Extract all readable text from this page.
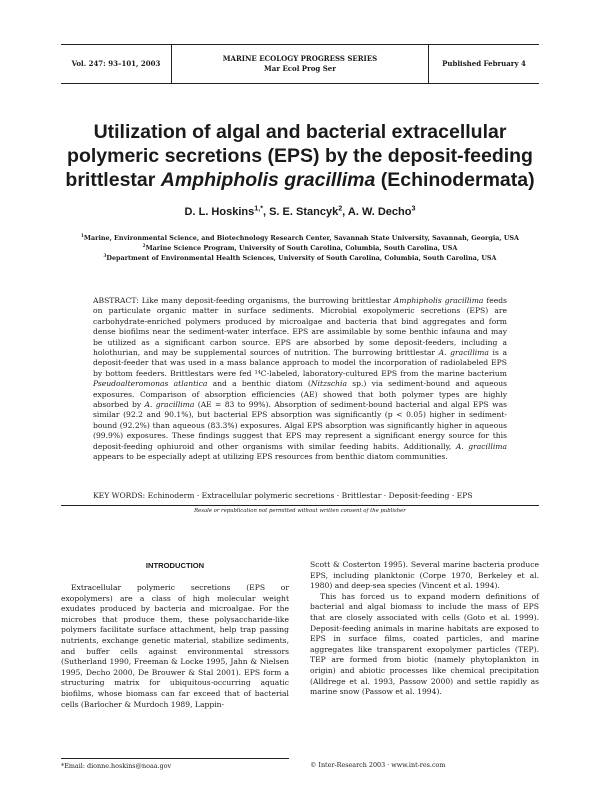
Vol. 247: 93–101, 2003
MARINE ECOLOGY PROGRESS SERIES
Mar Ecol Prog Ser
Published February 4
Utilization of algal and bacterial extracellular
polymeric secretions (EPS) by the deposit-feeding
brittlestar Amphipholis gracillima (Echinodermata)
D. L. Hoskins$^{1,*}$, S. E. Stancyk$^2$, A. W. Decho$^3$
$^1$Marine, Environmental Science, and Biotechnology Research Center, Savannah State University, Savannah, Georgia, USA
$^2$Marine Science Program, University of South Carolina, Columbia, South Carolina, USA
$^3$Department of Environmental Health Sciences, University of South Carolina, Columbia, South Carolina, USA
ABSTRACT: Like many deposit-feeding organisms, the burrowing brittlestar Amphipholis gracillima feeds on particulate organic matter in surface sediments. Microbial exopolymeric secretions (EPS) are carbohydrate-enriched polymers produced by microalgae and bacteria that bind aggregates and form dense biofilms near the sediment-water interface. EPS are assimilable by some benthic infauna and may be utilized as a significant carbon source. EPS are absorbed by some deposit-feeders, including a holothurian, and may be supplemental sources of nutrition. The burrowing brittlestar A. gracillima is a deposit-feeder that was used in a mass balance approach to model the incorporation of radiolabeled EPS by bottom feeders. Brittlestars were fed ¹⁴C-labeled, laboratory-cultured EPS from the marine bacterium Pseudoalteromonas atlantica and a benthic diatom (Nitzschia sp.) via sediment-bound and aqueous exposures. Comparison of absorption efficiencies (AE) showed that both polymer types are highly absorbed by A. gracillima (AE = 83 to 99%). Absorption of sediment-bound bacterial and algal EPS was similar (92.2 and 90.1%), but bacterial EPS absorption was significantly (p < 0.05) higher in sediment-bound (92.2%) than aqueous (83.3%) exposures. Algal EPS absorption was significantly higher in aqueous (99.9%) exposures. These findings suggest that EPS may represent a significant energy source for this deposit-feeding ophiuroid and other organisms with similar feeding habits. Additionally, A. gracillima appears to be especially adept at utilizing EPS resources from benthic diatom communities.
KEY WORDS: Echinoderm · Extracellular polymeric secretions · Brittlestar · Deposit-feeding · EPS
Resale or republication not permitted without written consent of the publisher
INTRODUCTION

Extracellular polymeric secretions (EPS or exopolymers) are a class of high molecular weight exudates produced by bacteria and microalgae. For the microbes that produce them, these polysaccharide-like polymers facilitate surface attachment, help trap passing nutrients, exchange genetic material, stabilize sediments, and buffer cells against environmental stressors (Sutherland 1990, Freeman & Locke 1995, Jahn & Nielsen 1995, Decho 2000, De Brouwer & Stal 2001). EPS form a structuring matrix for ubiquitous-occurring aquatic biofilms, whose biomass can far exceed that of bacterial cells (Barlocher & Murdoch 1989, Lappin-

Scott & Costerton 1995). Several marine bacteria produce EPS, including planktonic (Corpe 1970, Berkeley et al. 1980) and deep-sea species (Vincent et al. 1994).

This has forced us to expand modern definitions of bacterial and algal biomass to include the mass of EPS that are closely associated with cells (Goto et al. 1999). Deposit-feeding animals in marine habitats are exposed to EPS in surface films, coated particles, and marine aggregates like transparent exopolymer particles (TEP). TEP are formed from biotic (namely phytoplankton in origin) and abiotic processes like chemical precipitation (Alldrege et al. 1993, Passow 2000) and settle rapidly as marine snow (Passow et al. 1994).

*Email: dionne.hoskins@noaa.gov	© Inter-Research 2003 · www.int-res.com
